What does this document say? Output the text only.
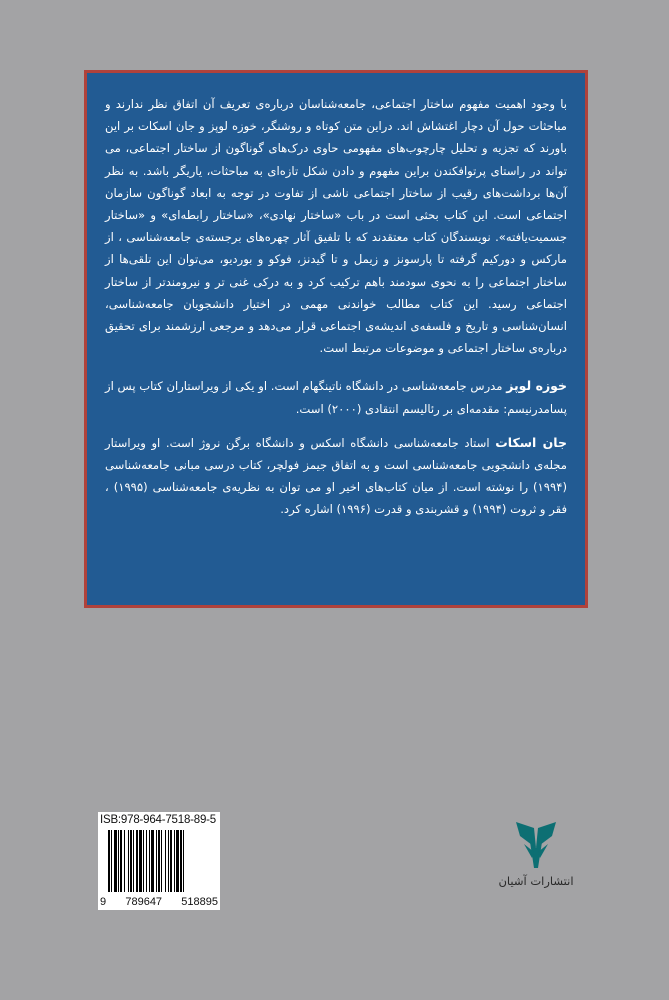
با وجود اهمیت مفهوم ساختار اجتماعی، جامعه‌شناسان درباره‌ی تعریف آن اتفاق نظر ندارند و مباحثات حول آن دچار اغتشاش اند. دراین متن کوتاه و روشنگر، خوزه لوپز و جان اسکات بر این باورند که تجزیه و تحلیل چارچوب‌های مفهومی حاوی درک‌های گوناگون از ساختار اجتماعی، می تواند در راستای پرتوافکندن براین مفهوم و دادن شکل تازه‌ای به مباحثات، یاریگر باشد. به نظر آن‌ها برداشت‌های رقیب از ساختار اجتماعی ناشی از تفاوت در توجه به ابعاد گوناگون سازمان اجتماعی است. این کتاب بحثی است در باب «ساختار نهادی»، «ساختار رابطه‌ای» و «ساختار جسمیت‌یافته». نویسندگان کتاب معتقدند که با تلفیق آثار چهره‌های برجسته‌ی جامعه‌شناسی ، از مارکس و دورکیم گرفته تا پارسونز و زیمل و تا گیدنز، فوکو و بوردیو، می‌توان این تلقی‌ها از ساختار اجتماعی را به نحوی سودمند باهم ترکیب کرد و به درکی غنی تر و نیرومندتر از ساختار اجتماعی رسید. این کتاب مطالب خواندنی مهمی در اختیار دانشجویان جامعه‌شناسی، انسان‌شناسی و تاریخ و فلسفه‌ی اندیشه‌ی اجتماعی قرار می‌دهد و مرجعی ارزشمند برای تحقیق درباره‌ی ساختار اجتماعی و موضوعات مرتبط است.

خوزه لوپز مدرس جامعه‌شناسی در دانشگاه ناتینگهام است. او یکی از ویراستاران کتاب پس از پسامدرنیسم: مقدمه‌ای بر رئالیسم انتقادی (۲۰۰۰) است.

جان اسکات استاد جامعه‌شناسی دانشگاه اسکس و دانشگاه برگن نروژ است. او ویراستار مجله‌ی دانشجویی جامعه‌شناسی است و به اتفاق جیمز فولچر، کتاب درسی مبانی جامعه‌شناسی (۱۹۹۴) را نوشته است. از میان کتاب‌های اخیر او می توان به نظریه‌ی جامعه‌شناسی (۱۹۹۵) ، فقر و ثروت (۱۹۹۴) و قشربندی و قدرت (۱۹۹۶) اشاره کرد.

ISB:978-964-7518-89-5
9 789647 518895
انتشارات آشیان
